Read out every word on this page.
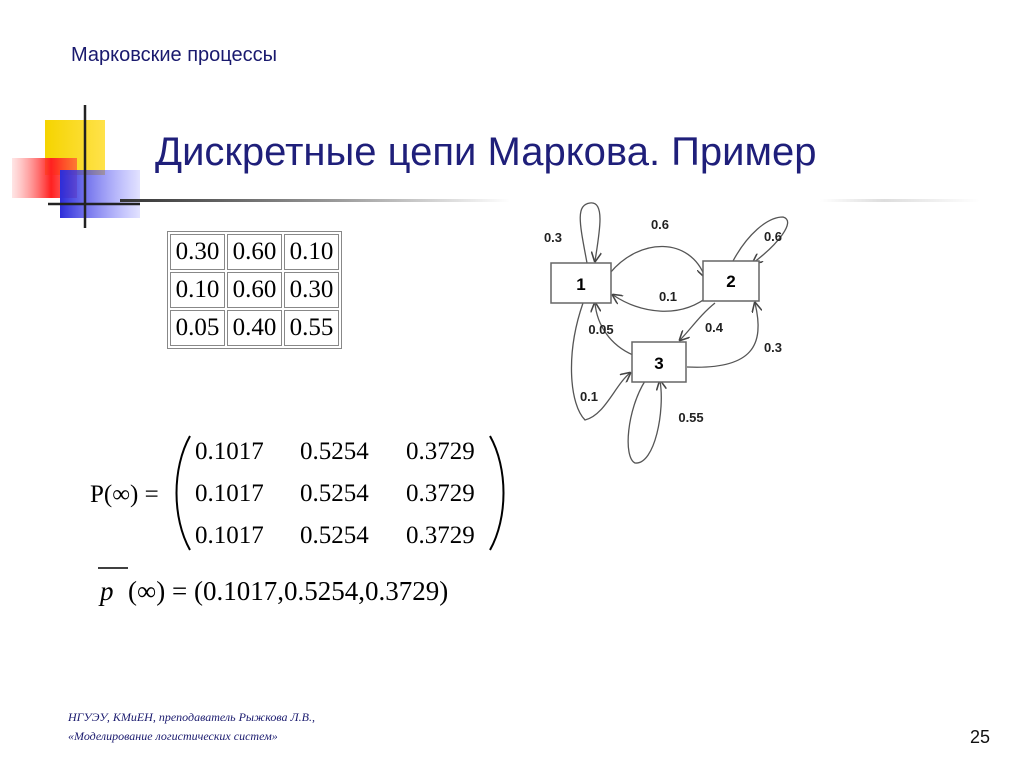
Марковские процессы
Дискретные цепи Маркова. Пример
0.30	0.60	0.10
0.10	0.60	0.30
0.05	0.40	0.55
1	2
3
0.3
0.6
0.6
0.1
0.05	0.4
0.3
0.1
0.55
P(∞) =
0.1017 0.5254 0.3729
0.1017 0.5254 0.3729
0.1017 0.5254 0.3729
p (∞) = (0.1017,0.5254,0.3729)
НГУЭУ, КМиЕН, преподаватель Рыжкова Л.В.,
«Моделирование логистических систем»	25
